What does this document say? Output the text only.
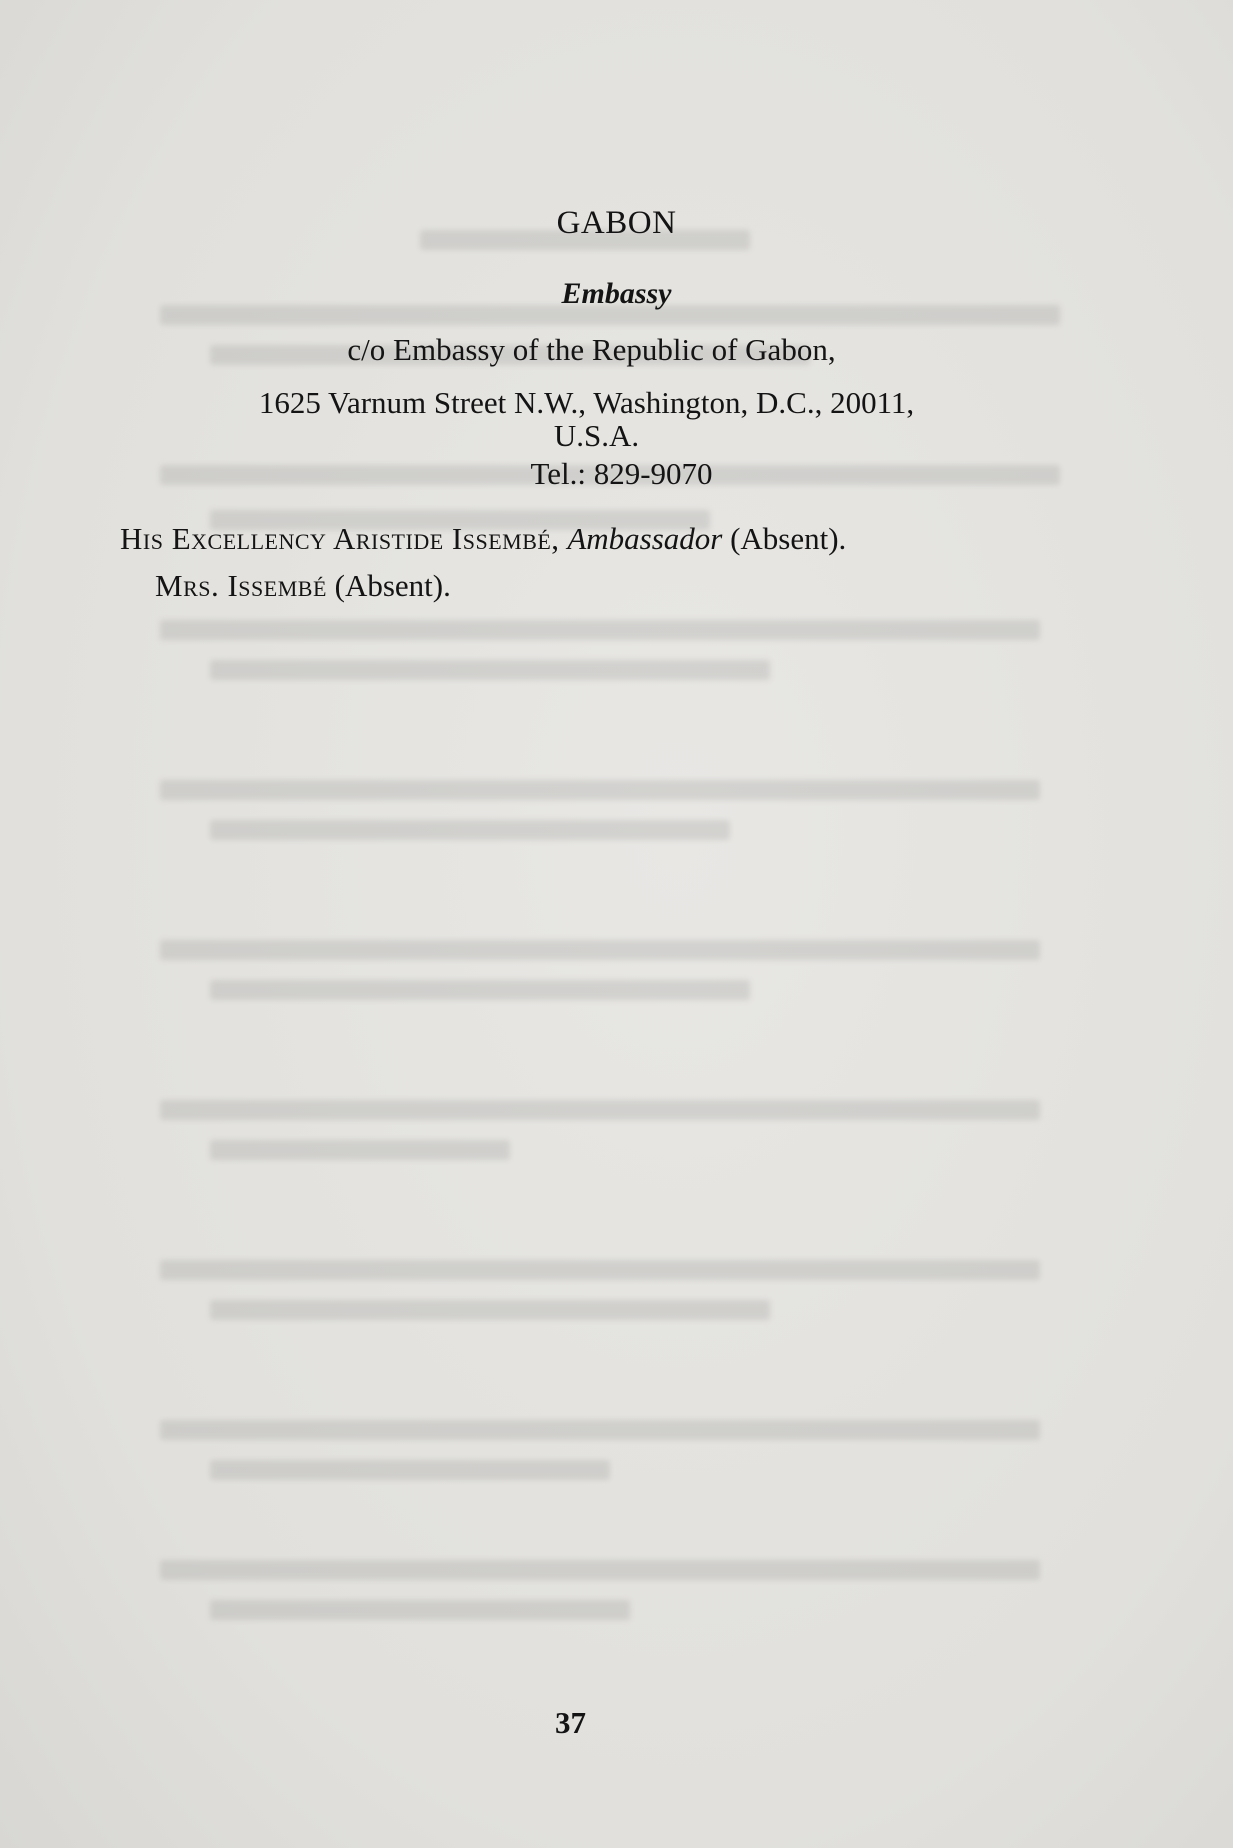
GABON
Embassy
c/o Embassy of the Republic of Gabon,
1625 Varnum Street N.W., Washington, D.C., 20011,
U.S.A.
Tel.: 829-9070
His Excellency Aristide Issembé, Ambassador (Absent).
Mrs. Issembé (Absent).
37
